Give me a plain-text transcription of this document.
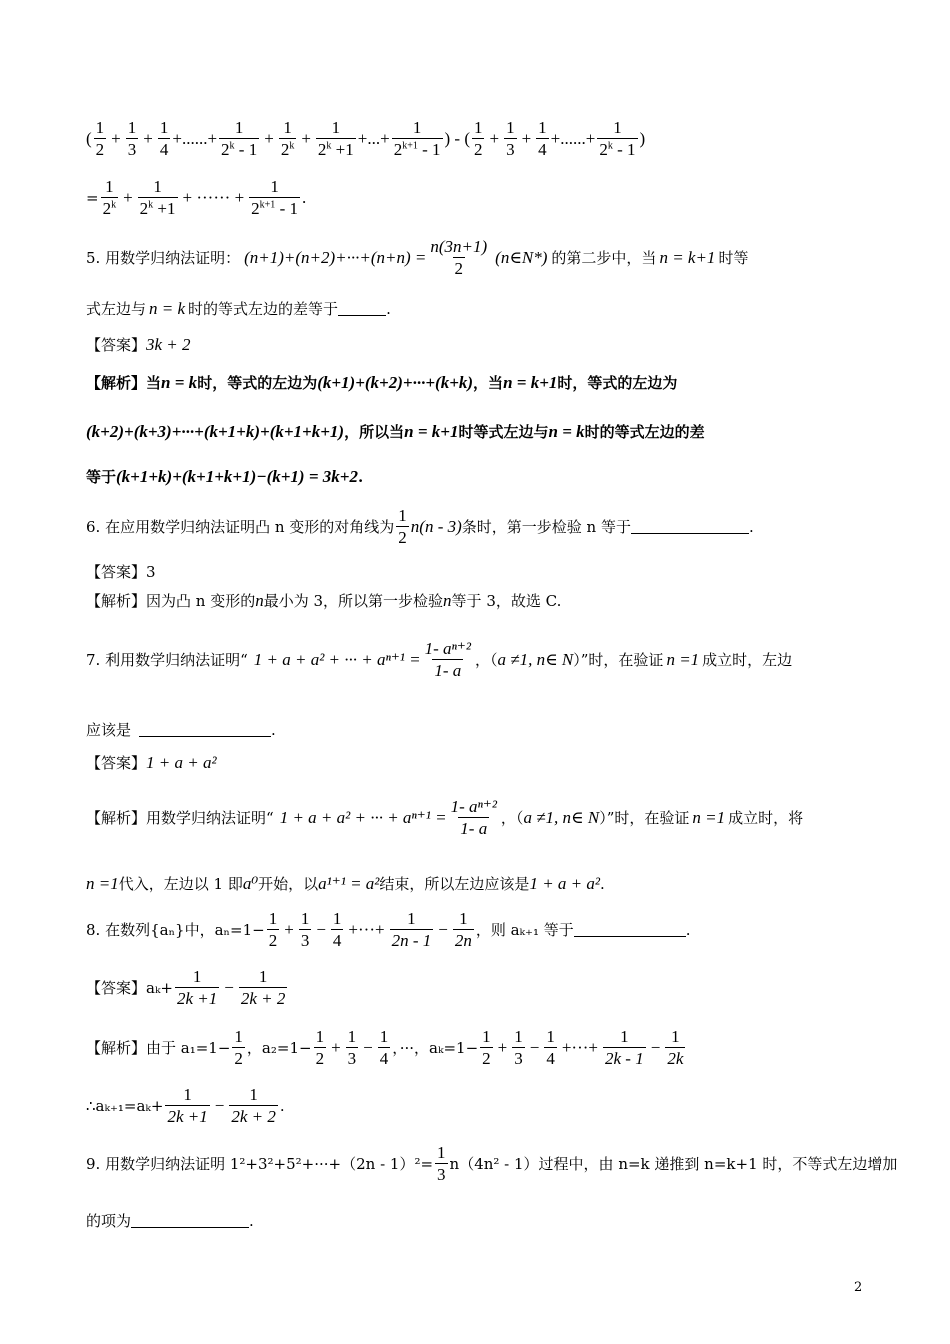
( $\frac{1}{2} + \frac{1}{3} + \frac{1}{4}$ +......+ $\frac{1}{2^k - 1} + \frac{1}{2^k} + \frac{1}{2^k +1}$ +...+ $\frac{1}{2^{k+1} - 1}$ ) - ( $\frac{1}{2} + \frac{1}{3} + \frac{1}{4}$ +......+ $\frac{1}{2^k - 1}$ )
= $\frac{1}{2^k} + \frac{1}{2^k +1}$ + ······ + $\frac{1}{2^{k+1} - 1}$ .
5. 用数学归纳法证明： $(n+1)+(n+2)+\cdot\cdot\cdot+(n+n) = \frac{n(3n+1)}{2}$ (n∈N*) 的第二步中，当 n = k+1 时等
式左边与 n = k 时的等式左边的差等于	.
【答案】 3k + 2
【解析】 当 n = k 时，等式的左边为 (k+1)+(k+2)+···+(k+k) ，当 n = k+1 时，等式的左边为
(k+2)+(k+3)+···+(k+1+k)+(k+1+k+1) ，所以当 n = k+1 时等式左边与 n = k 时的等式左边的差
等于 (k+1+k)+(k+1+k+1)−(k+1) = 3k+2 .
6. 在应用数学归纳法证明凸 n 变形的对角线为 $\frac{1}{2} n(n - 3)$ 条时，第一步检验 n 等于	.
【答案】 3
【解析】 因为凸 n 变形的 n 最小为 3，所以第一步检验 n 等于 3，故选 C.
7. 利用数学归纳法证明“ 1 + a + a² + ··· + $a^{n+1} = \frac{\text{1- aⁿ⁺²}}{1- a}$ ，（ a ≠1, n∈ N ）”时，在验证 n =1 成立时，左边
应该是	.
【答案】 1 + a + a²
【解析】 用数学归纳法证明“ 1 + a + a² + ··· + $a^{n+1} = \frac{\text{1- aⁿ⁺²}}{1- a}$ ，（ a ≠1, n∈ N ）”时，在验证 n =1 成立时，将
n =1 代入，左边以 1 即 a⁰ 开始，以 a¹⁺¹ = a² 结束，所以左边应该是 1 + a + a² .
8. 在数列{aₙ}中，$a_n=1- \frac{1}{2} + \frac{1}{3} - \frac{1}{4}$ +···+ $\frac{1}{2n - 1} - \frac{1}{2n}$ ，则 aₖ₊₁ 等于	.
【答案】 $a_k+ \frac{1}{2k +1} - \frac{1}{2k + 2}$
【解析】 由于 $a_1=1- \frac{1}{2}$ ，$a_2=1- \frac{1}{2} + \frac{1}{3} - \frac{1}{4}$ ，···，$a_k=1- \frac{1}{2} + \frac{1}{3} - \frac{1}{4}$ +···+ $\frac{1}{2k - 1} - \frac{1}{2k}$
∴aₖ₊₁=aₖ+ $\frac{1}{2k +1} - \frac{1}{2k + 2}$ .
9. 用数学归纳法证明 $1^2+3^2+5^2+\cdot\cdot\cdot+(2n - 1)^2= \frac{1}{3} n(4n^2 - 1)$过程中，由 n=k 递推到 n=k+1 时，不等式左边增加
的项为	.
2
